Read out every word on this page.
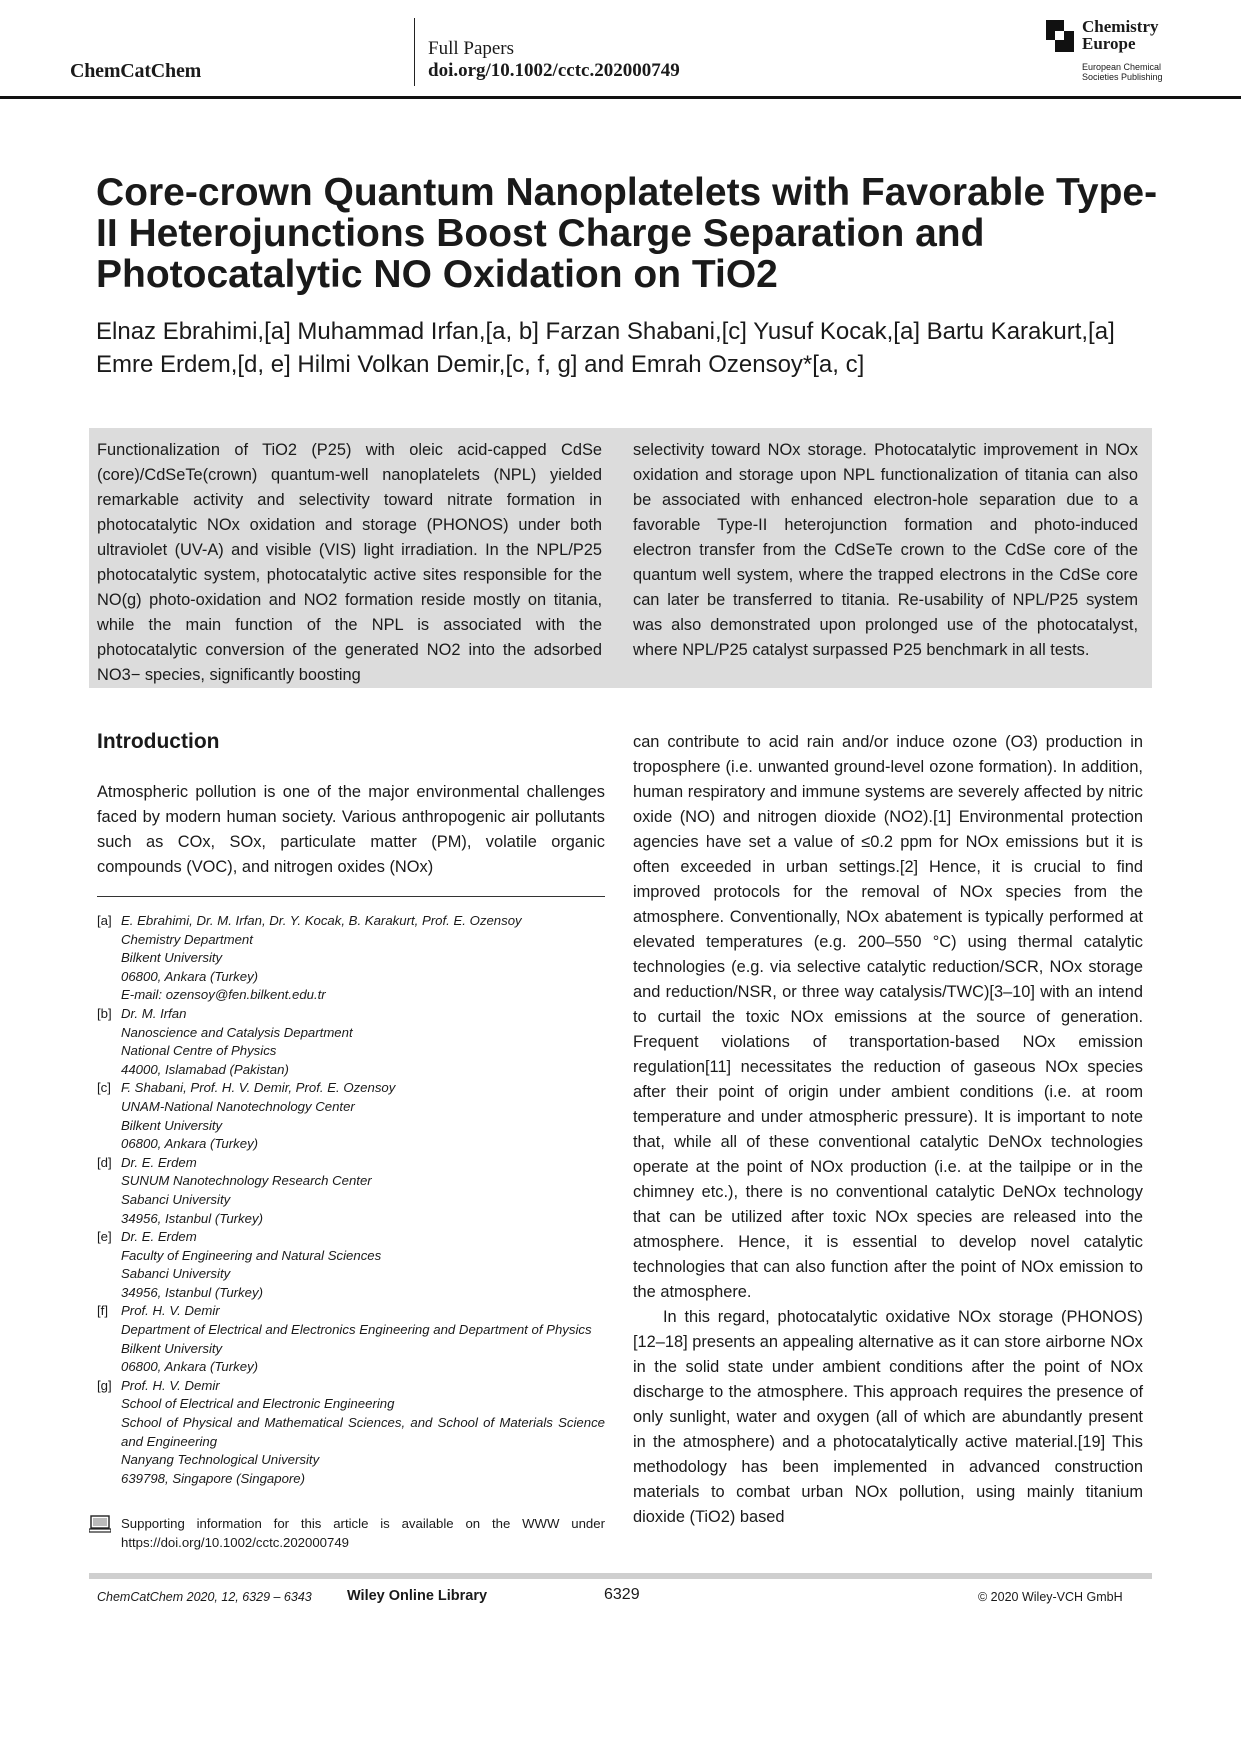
ChemCatChem
Full Papers
doi.org/10.1002/cctc.202000749
Chemistry
Europe
European Chemical
Societies Publishing
Core-crown Quantum Nanoplatelets with Favorable Type-II Heterojunctions Boost Charge Separation and Photocatalytic NO Oxidation on TiO2
Elnaz Ebrahimi,[a] Muhammad Irfan,[a, b] Farzan Shabani,[c] Yusuf Kocak,[a] Bartu Karakurt,[a] Emre Erdem,[d, e] Hilmi Volkan Demir,[c, f, g] and Emrah Ozensoy*[a, c]
Functionalization of TiO2 (P25) with oleic acid-capped CdSe (core)/CdSeTe(crown) quantum-well nanoplatelets (NPL) yielded remarkable activity and selectivity toward nitrate formation in photocatalytic NOx oxidation and storage (PHONOS) under both ultraviolet (UV-A) and visible (VIS) light irradiation. In the NPL/P25 photocatalytic system, photocatalytic active sites responsible for the NO(g) photo-oxidation and NO2 formation reside mostly on titania, while the main function of the NPL is associated with the photocatalytic conversion of the generated NO2 into the adsorbed NO3− species, significantly boosting
selectivity toward NOx storage. Photocatalytic improvement in NOx oxidation and storage upon NPL functionalization of titania can also be associated with enhanced electron-hole separation due to a favorable Type-II heterojunction formation and photo-induced electron transfer from the CdSeTe crown to the CdSe core of the quantum well system, where the trapped electrons in the CdSe core can later be transferred to titania. Re-usability of NPL/P25 system was also demonstrated upon prolonged use of the photocatalyst, where NPL/P25 catalyst surpassed P25 benchmark in all tests.
Introduction
Atmospheric pollution is one of the major environmental challenges faced by modern human society. Various anthropogenic air pollutants such as COx, SOx, particulate matter (PM), volatile organic compounds (VOC), and nitrogen oxides (NOx)
[a] E. Ebrahimi, Dr. M. Irfan, Dr. Y. Kocak, B. Karakurt, Prof. E. Ozensoy
Chemistry Department
Bilkent University
06800, Ankara (Turkey)
E-mail: ozensoy@fen.bilkent.edu.tr
[b] Dr. M. Irfan
Nanoscience and Catalysis Department
National Centre of Physics
44000, Islamabad (Pakistan)
[c] F. Shabani, Prof. H. V. Demir, Prof. E. Ozensoy
UNAM-National Nanotechnology Center
Bilkent University
06800, Ankara (Turkey)
[d] Dr. E. Erdem
SUNUM Nanotechnology Research Center
Sabanci University
34956, Istanbul (Turkey)
[e] Dr. E. Erdem
Faculty of Engineering and Natural Sciences
Sabanci University
34956, Istanbul (Turkey)
[f] Prof. H. V. Demir
Department of Electrical and Electronics Engineering and Department of Physics
Bilkent University
06800, Ankara (Turkey)
[g] Prof. H. V. Demir
School of Electrical and Electronic Engineering
School of Physical and Mathematical Sciences, and School of Materials Science and Engineering
Nanyang Technological University
639798, Singapore (Singapore)
Supporting information for this article is available on the WWW under https://doi.org/10.1002/cctc.202000749

can contribute to acid rain and/or induce ozone (O3) production in troposphere (i.e. unwanted ground-level ozone formation). In addition, human respiratory and immune systems are severely affected by nitric oxide (NO) and nitrogen dioxide (NO2).[1] Environmental protection agencies have set a value of ≤0.2 ppm for NOx emissions but it is often exceeded in urban settings.[2] Hence, it is crucial to find improved protocols for the removal of NOx species from the atmosphere. Conventionally, NOx abatement is typically performed at elevated temperatures (e.g. 200–550 °C) using thermal catalytic technologies (e.g. via selective catalytic reduction/SCR, NOx storage and reduction/NSR, or three way catalysis/TWC)[3–10] with an intend to curtail the toxic NOx emissions at the source of generation. Frequent violations of transportation-based NOx emission regulation[11] necessitates the reduction of gaseous NOx species after their point of origin under ambient conditions (i.e. at room temperature and under atmospheric pressure). It is important to note that, while all of these conventional catalytic DeNOx technologies operate at the point of NOx production (i.e. at the tailpipe or in the chimney etc.), there is no conventional catalytic DeNOx technology that can be utilized after toxic NOx species are released into the atmosphere. Hence, it is essential to develop novel catalytic technologies that can also function after the point of NOx emission to the atmosphere.

In this regard, photocatalytic oxidative NOx storage (PHONOS)[12–18] presents an appealing alternative as it can store airborne NOx in the solid state under ambient conditions after the point of NOx discharge to the atmosphere. This approach requires the presence of only sunlight, water and oxygen (all of which are abundantly present in the atmosphere) and a photocatalytically active material.[19] This methodology has been implemented in advanced construction materials to combat urban NOx pollution, using mainly titanium dioxide (TiO2) based

ChemCatChem 2020, 12, 6329 – 6343 Wiley Online Library	6329	© 2020 Wiley-VCH GmbH
